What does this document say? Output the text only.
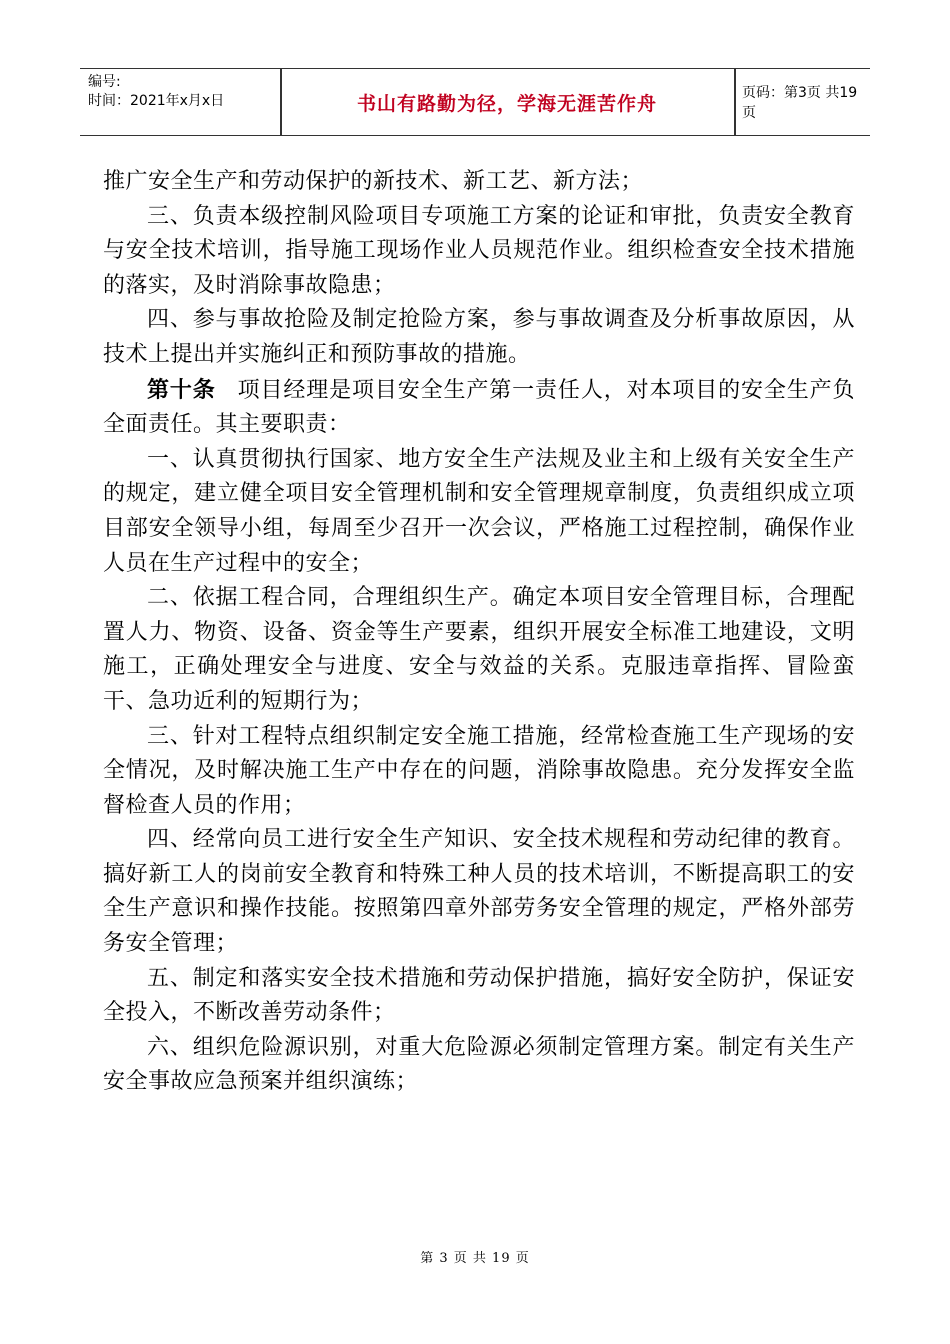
编号:
时间：2021年x月x日	书山有路勤为径，学海无涯苦作舟	页码：第3页 共19页

推广安全生产和劳动保护的新技术、新工艺、新方法；

三、负责本级控制风险项目专项施工方案的论证和审批，负责安全教育与安全技术培训，指导施工现场作业人员规范作业。组织检查安全技术措施的落实，及时消除事故隐患；

四、参与事故抢险及制定抢险方案，参与事故调查及分析事故原因，从技术上提出并实施纠正和预防事故的措施。

第十条 项目经理是项目安全生产第一责任人，对本项目的安全生产负全面责任。其主要职责：

一、认真贯彻执行国家、地方安全生产法规及业主和上级有关安全生产的规定，建立健全项目安全管理机制和安全管理规章制度，负责组织成立项目部安全领导小组，每周至少召开一次会议，严格施工过程控制，确保作业人员在生产过程中的安全；

二、依据工程合同，合理组织生产。确定本项目安全管理目标，合理配置人力、物资、设备、资金等生产要素，组织开展安全标准工地建设，文明施工，正确处理安全与进度、安全与效益的关系。克服违章指挥、冒险蛮干、急功近利的短期行为；

三、针对工程特点组织制定安全施工措施，经常检查施工生产现场的安全情况，及时解决施工生产中存在的问题，消除事故隐患。充分发挥安全监督检查人员的作用；

四、经常向员工进行安全生产知识、安全技术规程和劳动纪律的教育。搞好新工人的岗前安全教育和特殊工种人员的技术培训，不断提高职工的安全生产意识和操作技能。按照第四章外部劳务安全管理的规定，严格外部劳务安全管理；

五、制定和落实安全技术措施和劳动保护措施，搞好安全防护，保证安全投入，不断改善劳动条件；

六、组织危险源识别，对重大危险源必须制定管理方案。制定有关生产安全事故应急预案并组织演练；

第 3 页 共 19 页
